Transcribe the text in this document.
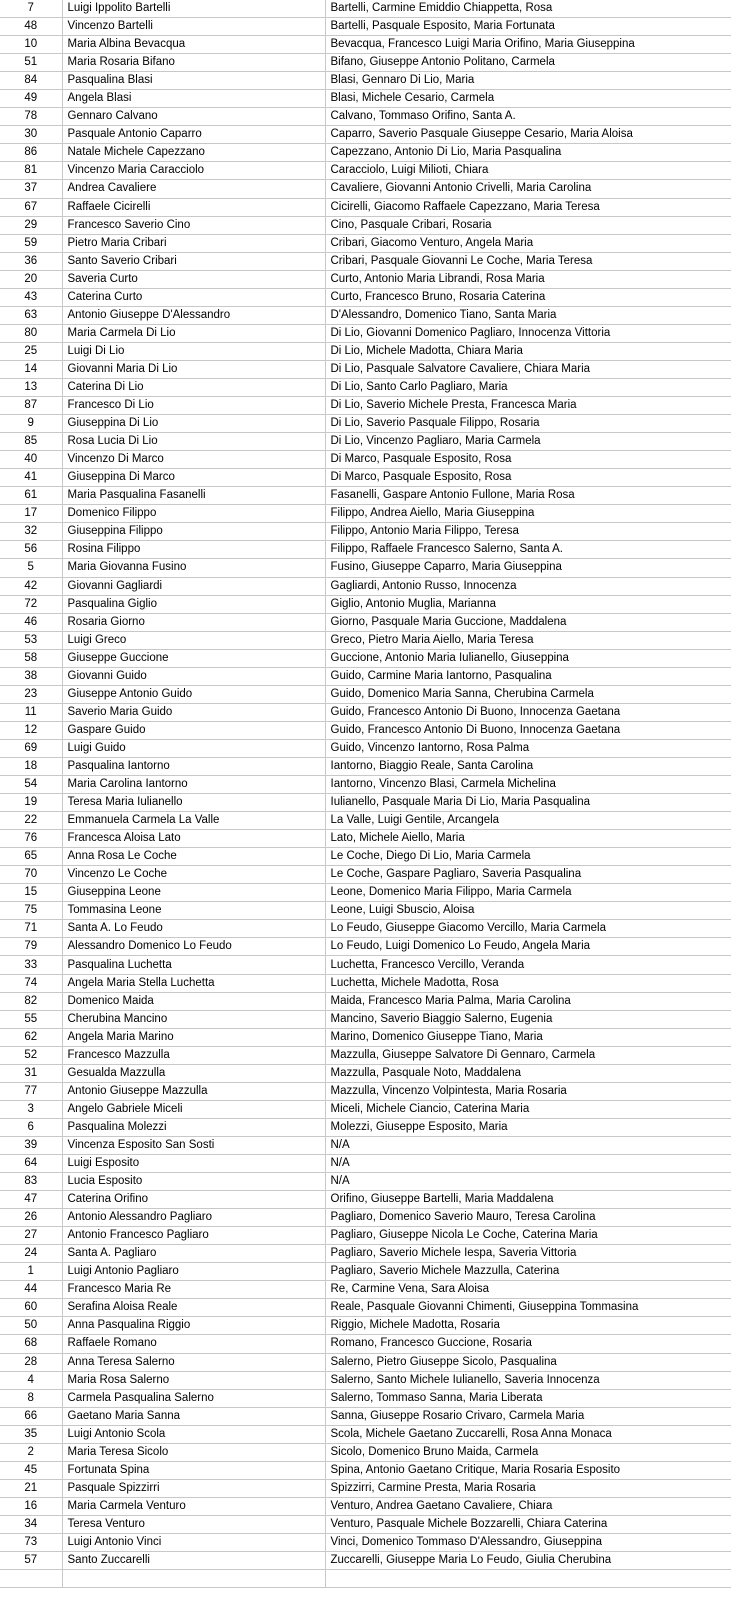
7	Luigi Ippolito Bartelli	Bartelli, Carmine Emiddio Chiappetta, Rosa
48	Vincenzo Bartelli	Bartelli, Pasquale Esposito, Maria Fortunata
10	Maria Albina Bevacqua	Bevacqua, Francesco Luigi Maria Orifino, Maria Giuseppina
51	Maria Rosaria Bifano	Bifano, Giuseppe Antonio Politano, Carmela
84	Pasqualina Blasi	Blasi, Gennaro Di Lio, Maria
49	Angela Blasi	Blasi, Michele Cesario, Carmela
78	Gennaro Calvano	Calvano, Tommaso Orifino, Santa A.
30	Pasquale Antonio Caparro	Caparro, Saverio Pasquale Giuseppe Cesario, Maria Aloisa
86	Natale Michele Capezzano	Capezzano, Antonio Di Lio, Maria Pasqualina
81	Vincenzo Maria Caracciolo	Caracciolo, Luigi Milioti, Chiara
37	Andrea Cavaliere	Cavaliere, Giovanni Antonio Crivelli, Maria Carolina
67	Raffaele Cicirelli	Cicirelli, Giacomo Raffaele Capezzano, Maria Teresa
29	Francesco Saverio Cino	Cino, Pasquale Cribari, Rosaria
59	Pietro Maria Cribari	Cribari, Giacomo Venturo, Angela Maria
36	Santo Saverio Cribari	Cribari, Pasquale Giovanni Le Coche, Maria Teresa
20	Saveria Curto	Curto, Antonio Maria Librandi, Rosa Maria
43	Caterina Curto	Curto, Francesco Bruno, Rosaria Caterina
63	Antonio Giuseppe D'Alessandro	D'Alessandro, Domenico Tiano, Santa Maria
80	Maria Carmela Di Lio	Di Lio, Giovanni Domenico Pagliaro, Innocenza Vittoria
25	Luigi Di Lio	Di Lio, Michele Madotta, Chiara Maria
14	Giovanni Maria Di Lio	Di Lio, Pasquale Salvatore Cavaliere, Chiara Maria
13	Caterina Di Lio	Di Lio, Santo Carlo Pagliaro, Maria
87	Francesco Di Lio	Di Lio, Saverio Michele Presta, Francesca Maria
9	Giuseppina Di Lio	Di Lio, Saverio Pasquale Filippo, Rosaria
85	Rosa Lucia Di Lio	Di Lio, Vincenzo Pagliaro, Maria Carmela
40	Vincenzo Di Marco	Di Marco, Pasquale Esposito, Rosa
41	Giuseppina Di Marco	Di Marco, Pasquale Esposito, Rosa
61	Maria Pasqualina Fasanelli	Fasanelli, Gaspare Antonio Fullone, Maria Rosa
17	Domenico Filippo	Filippo, Andrea Aiello, Maria Giuseppina
32	Giuseppina Filippo	Filippo, Antonio Maria Filippo, Teresa
56	Rosina Filippo	Filippo, Raffaele Francesco Salerno, Santa A.
5	Maria Giovanna Fusino	Fusino, Giuseppe Caparro, Maria Giuseppina
42	Giovanni Gagliardi	Gagliardi, Antonio Russo, Innocenza
72	Pasqualina Giglio	Giglio, Antonio Muglia, Marianna
46	Rosaria Giorno	Giorno, Pasquale Maria Guccione, Maddalena
53	Luigi Greco	Greco, Pietro Maria Aiello, Maria Teresa
58	Giuseppe Guccione	Guccione, Antonio Maria Iulianello, Giuseppina
38	Giovanni Guido	Guido, Carmine Maria Iantorno, Pasqualina
23	Giuseppe Antonio Guido	Guido, Domenico Maria Sanna, Cherubina Carmela
11	Saverio Maria Guido	Guido, Francesco Antonio Di Buono, Innocenza Gaetana
12	Gaspare Guido	Guido, Francesco Antonio Di Buono, Innocenza Gaetana
69	Luigi Guido	Guido, Vincenzo Iantorno, Rosa Palma
18	Pasqualina Iantorno	Iantorno, Biaggio Reale, Santa Carolina
54	Maria Carolina Iantorno	Iantorno, Vincenzo Blasi, Carmela Michelina
19	Teresa Maria Iulianello	Iulianello, Pasquale Maria Di Lio, Maria Pasqualina
22	Emmanuela Carmela La Valle	La Valle, Luigi Gentile, Arcangela
76	Francesca Aloisa Lato	Lato, Michele Aiello, Maria
65	Anna Rosa Le Coche	Le Coche, Diego Di Lio, Maria Carmela
70	Vincenzo Le Coche	Le Coche, Gaspare Pagliaro, Saveria Pasqualina
15	Giuseppina Leone	Leone, Domenico Maria Filippo, Maria Carmela
75	Tommasina Leone	Leone, Luigi Sbuscio, Aloisa
71	Santa A. Lo Feudo	Lo Feudo, Giuseppe Giacomo Vercillo, Maria Carmela
79	Alessandro Domenico Lo Feudo	Lo Feudo, Luigi Domenico Lo Feudo, Angela Maria
33	Pasqualina Luchetta	Luchetta, Francesco Vercillo, Veranda
74	Angela Maria Stella Luchetta	Luchetta, Michele Madotta, Rosa
82	Domenico Maida	Maida, Francesco Maria Palma, Maria Carolina
55	Cherubina Mancino	Mancino, Saverio Biaggio Salerno, Eugenia
62	Angela Maria Marino	Marino, Domenico Giuseppe Tiano, Maria
52	Francesco Mazzulla	Mazzulla, Giuseppe Salvatore Di Gennaro, Carmela
31	Gesualda Mazzulla	Mazzulla, Pasquale Noto, Maddalena
77	Antonio Giuseppe Mazzulla	Mazzulla, Vincenzo Volpintesta, Maria Rosaria
3	Angelo Gabriele Miceli	Miceli, Michele Ciancio, Caterina Maria
6	Pasqualina Molezzi	Molezzi, Giuseppe Esposito, Maria
39	Vincenza Esposito San Sosti	N/A
64	Luigi Esposito	N/A
83	Lucia Esposito	N/A
47	Caterina Orifino	Orifino, Giuseppe Bartelli, Maria Maddalena
26	Antonio Alessandro Pagliaro	Pagliaro, Domenico Saverio Mauro, Teresa Carolina
27	Antonio Francesco Pagliaro	Pagliaro, Giuseppe Nicola Le Coche, Caterina Maria
24	Santa A. Pagliaro	Pagliaro, Saverio Michele Iespa, Saveria Vittoria
1	Luigi Antonio Pagliaro	Pagliaro, Saverio Michele Mazzulla, Caterina
44	Francesco Maria Re	Re, Carmine Vena, Sara Aloisa
60	Serafina Aloisa Reale	Reale, Pasquale Giovanni Chimenti, Giuseppina Tommasina
50	Anna Pasqualina Riggio	Riggio, Michele Madotta, Rosaria
68	Raffaele Romano	Romano, Francesco Guccione, Rosaria
28	Anna Teresa Salerno	Salerno, Pietro Giuseppe Sicolo, Pasqualina
4	Maria Rosa Salerno	Salerno, Santo Michele Iulianello, Saveria Innocenza
8	Carmela Pasqualina Salerno	Salerno, Tommaso Sanna, Maria Liberata
66	Gaetano Maria Sanna	Sanna, Giuseppe Rosario Crivaro, Carmela Maria
35	Luigi Antonio Scola	Scola, Michele Gaetano Zuccarelli, Rosa Anna Monaca
2	Maria Teresa Sicolo	Sicolo, Domenico Bruno Maida, Carmela
45	Fortunata Spina	Spina, Antonio Gaetano Critique, Maria Rosaria Esposito
21	Pasquale Spizzirri	Spizzirri, Carmine Presta, Maria Rosaria
16	Maria Carmela Venturo	Venturo, Andrea Gaetano Cavaliere, Chiara
34	Teresa Venturo	Venturo, Pasquale Michele Bozzarelli, Chiara Caterina
73	Luigi Antonio Vinci	Vinci, Domenico Tommaso D'Alessandro, Giuseppina
57	Santo Zuccarelli	Zuccarelli, Giuseppe Maria Lo Feudo, Giulia Cherubina
